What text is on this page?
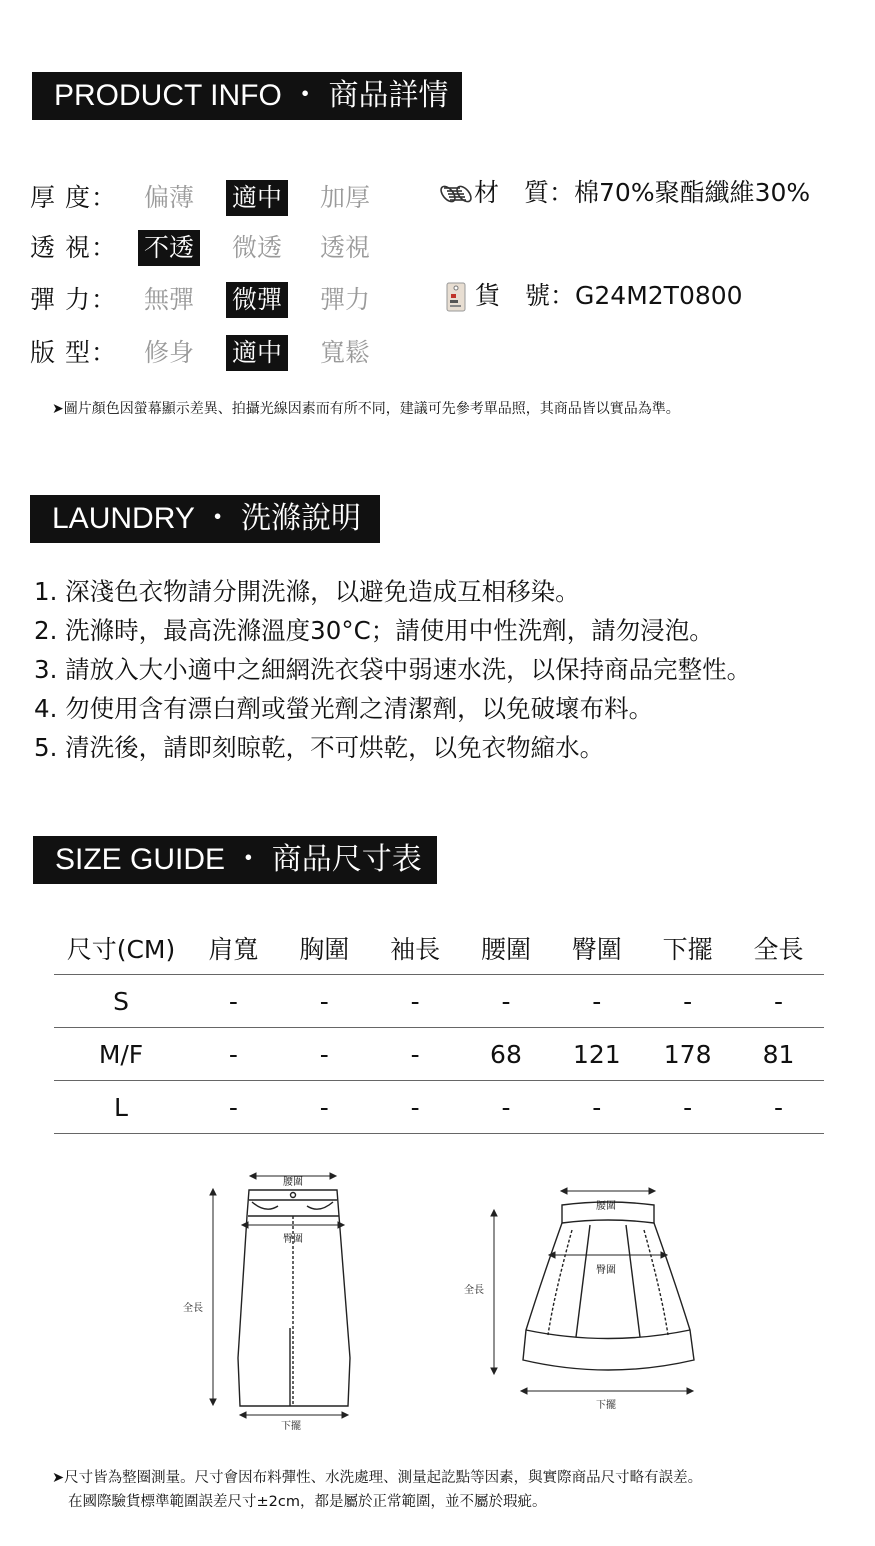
PRODUCT INFO ・ 商品詳情
厚 度： 偏薄 適中 加厚
透 視： 不透 微透 透視
彈 力： 無彈 微彈 彈力
版 型： 修身 適中 寬鬆
材　質：棉70%聚酯纖維30%
貨　號：G24M2T0800
➤圖片顏色因螢幕顯示差異、拍攝光線因素而有所不同，建議可先參考單品照，其商品皆以實品為準。
LAUNDRY ・ 洗滌說明
1. 深淺色衣物請分開洗滌，以避免造成互相移染。
2. 洗滌時，最高洗滌溫度30°C；請使用中性洗劑，請勿浸泡。
3. 請放入大小適中之細網洗衣袋中弱速水洗，以保持商品完整性。
4. 勿使用含有漂白劑或螢光劑之清潔劑，以免破壞布料。
5. 清洗後，請即刻晾乾，不可烘乾，以免衣物縮水。
SIZE GUIDE ・ 商品尺寸表
尺寸(CM)	肩寬	胸圍	袖長	腰圍	臀圍	下擺	全長
S	-	-	-	-	-	-	-
M/F	-	-	-	68	121	178	81
L	-	-	-	-	-	-	-
腰圍
臀圍
全長
下擺
腰圍
臀圍
全長
下擺
➤尺寸皆為整圈測量。尺寸會因布料彈性、水洗處理、測量起訖點等因素，與實際商品尺寸略有誤差。
在國際驗貨標準範圍誤差尺寸±2cm，都是屬於正常範圍，並不屬於瑕疵。
